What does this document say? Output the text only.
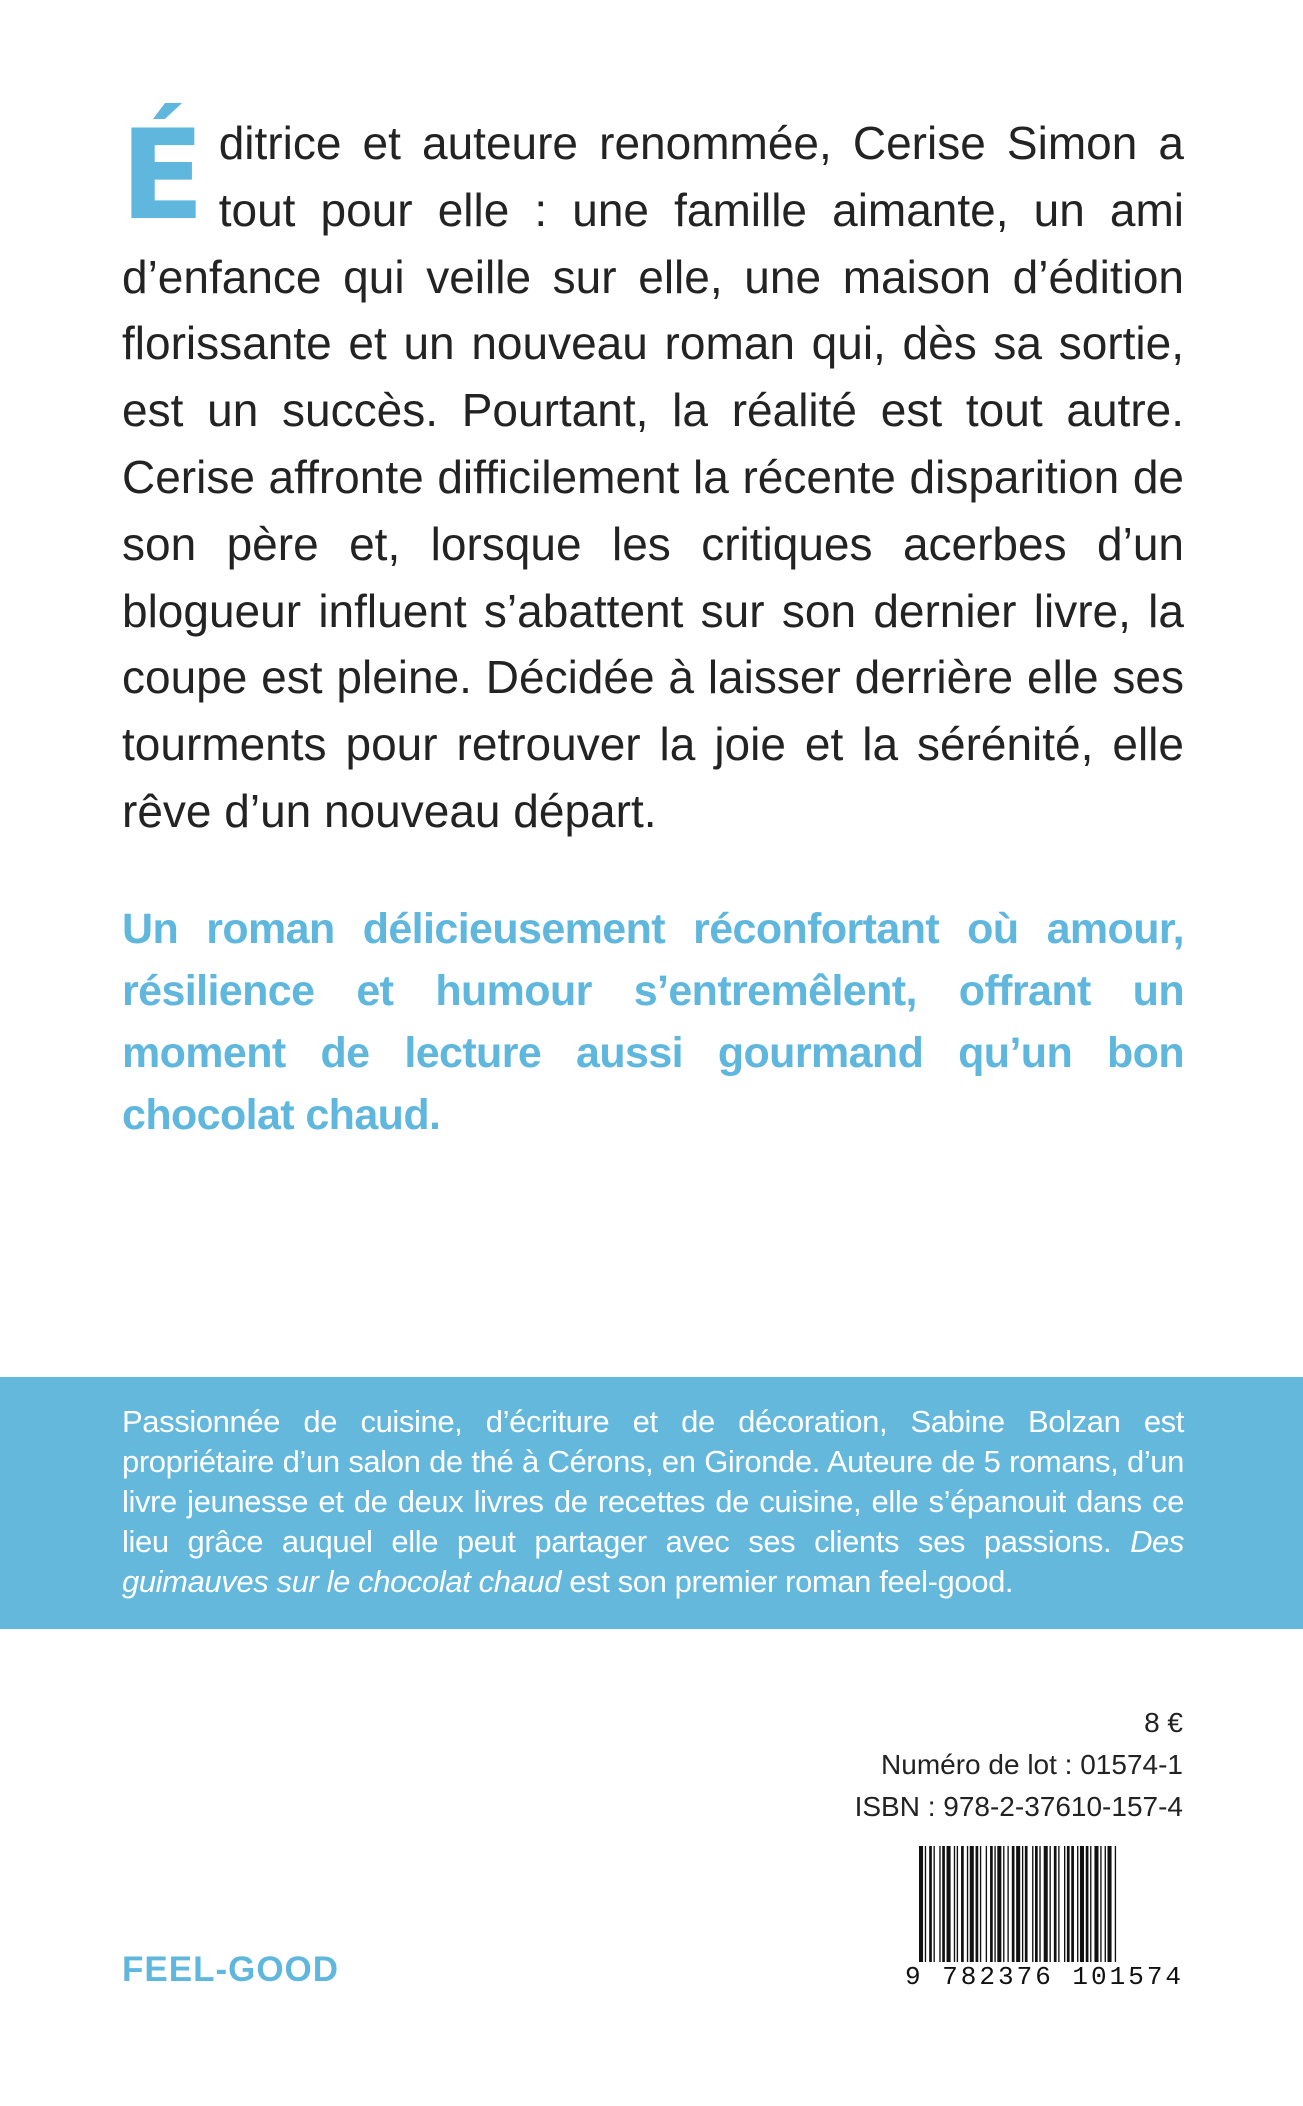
Éditrice et auteure renommée, Cerise Simon a tout pour elle : une famille aimante, un ami d’enfance qui veille sur elle, une maison d’édition florissante et un nouveau roman qui, dès sa sortie, est un succès. Pourtant, la réalité est tout autre. Cerise affronte difficilement la récente disparition de son père et, lorsque les critiques acerbes d’un blogueur influent s’abattent sur son dernier livre, la coupe est pleine. Décidée à laisser derrière elle ses tourments pour retrouver la joie et la sérénité, elle rêve d’un nouveau départ.

Un roman délicieusement réconfortant où amour, résilience et humour s’entremêlent, offrant un moment de lecture aussi gourmand qu’un bon chocolat chaud.

Passionnée de cuisine, d’écriture et de décoration, Sabine Bolzan est propriétaire d’un salon de thé à Cérons, en Gironde. Auteure de 5 romans, d’un livre jeunesse et de deux livres de recettes de cuisine, elle s’épanouit dans ce lieu grâce auquel elle peut partager avec ses clients ses passions. Des guimauves sur le chocolat chaud est son premier roman feel-good.

8 €
Numéro de lot : 01574-1
ISBN : 978-2-37610-157-4
9 782376 101574
FEEL-GOOD
